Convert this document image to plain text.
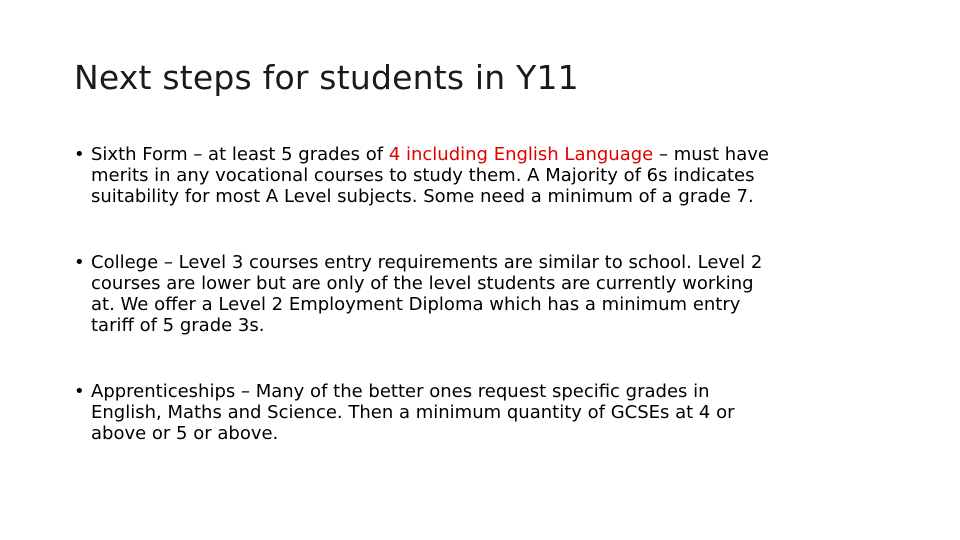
Next steps for students in Y11
• Sixth Form – at least 5 grades of 4 including English Language – must have
merits in any vocational courses to study them. A Majority of 6s indicates
suitability for most A Level subjects. Some need a minimum of a grade 7.
• College – Level 3 courses entry requirements are similar to school. Level 2
courses are lower but are only of the level students are currently working
at. We offer a Level 2 Employment Diploma which has a minimum entry
tariff of 5 grade 3s.
• Apprenticeships – Many of the better ones request specific grades in
English, Maths and Science. Then a minimum quantity of GCSEs at 4 or
above or 5 or above.
